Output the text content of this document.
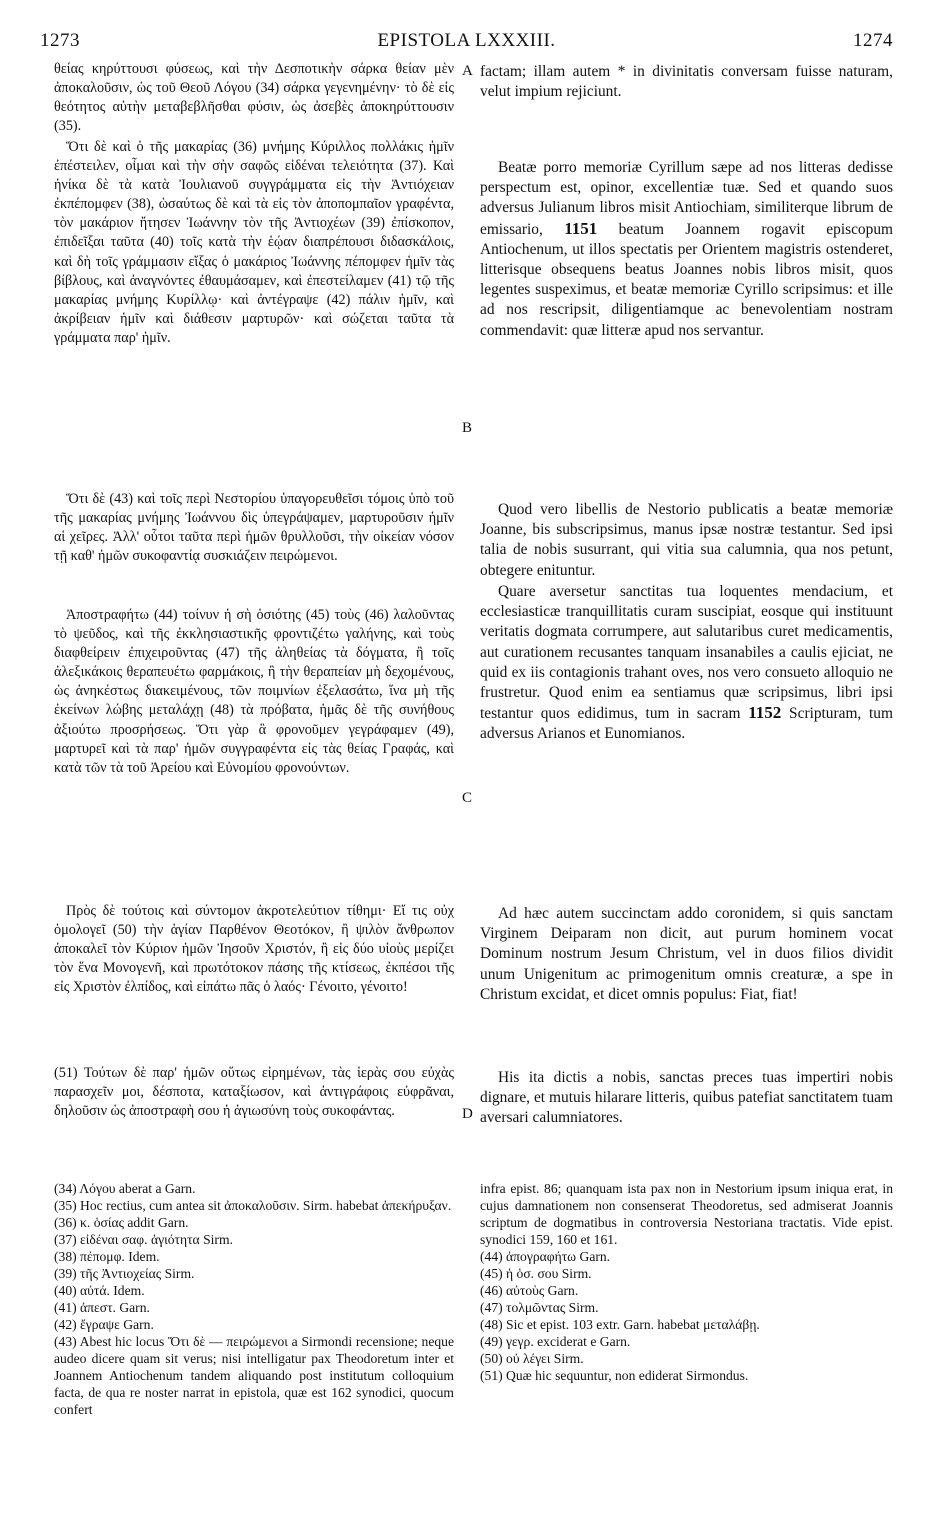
1273	EPISTOLA LXXXIII.	1274

θείας κηρύττουσι φύσεως, καὶ τὴν Δεσποτικὴν σάρκα θείαν μὲν ἀποκαλοῦσιν, ὡς τοῦ Θεοῦ Λόγου (34) σάρκα γεγενημένην· τὸ δὲ εἰς θεότητος αὐτὴν μεταβεβλῆσθαι φύσιν, ὡς ἀσεβὲς ἀποκηρύττουσιν (35).

Ὅτι δὲ καὶ ὁ τῆς μακαρίας (36) μνήμης Κύριλλος πολλάκις ἡμῖν ἐπέστειλεν, οἶμαι καὶ τὴν σὴν σαφῶς εἰδέναι τελειότητα (37). Καὶ ἡνίκα δὲ τὰ κατὰ Ἰουλιανοῦ συγγράμματα εἰς τὴν Ἀντιόχειαν ἐκπέπομφεν (38), ὡσαύτως δὲ καὶ τὰ εἰς τὸν ἀποπομπαῖον γραφέντα, τὸν μακάριον ἤτησεν Ἰωάννην τὸν τῆς Ἀντιοχέων (39) ἐπίσκοπον, ἐπιδεῖξαι ταῦτα (40) τοῖς κατὰ τὴν ἑῴαν διαπρέπουσι διδασκάλοις, καὶ δὴ τοῖς γράμμασιν εἴξας ὁ μακάριος Ἰωάννης πέπομφεν ἡμῖν τὰς βίβλους, καὶ ἀναγνόντες ἐθαυμάσαμεν, καὶ ἐπεστείλαμεν (41) τῷ τῆς μακαρίας μνήμης Κυρίλλῳ· καὶ ἀντέγραψε (42) πάλιν ἡμῖν, καὶ ἀκρίβειαν ἡμῖν καὶ διάθεσιν μαρτυρῶν· καὶ σώζεται ταῦτα τὰ γράμματα παρ' ἡμῖν.

Ὅτι δὲ (43) καὶ τοῖς περὶ Νεστορίου ὑπαγορευθεῖσι τόμοις ὑπὸ τοῦ τῆς μακαρίας μνήμης Ἰωάννου δὶς ὑπεγράψαμεν, μαρτυροῦσιν ἡμῖν αἱ χεῖρες. Ἀλλ' οὗτοι ταῦτα περὶ ἡμῶν θρυλλοῦσι, τὴν οἰκείαν νόσον τῇ καθ' ἡμῶν συκοφαντίᾳ συσκιάζειν πειρώμενοι.

Ἀποστραφήτω (44) τοίνυν ἡ σὴ ὁσιότης (45) τοὺς (46) λαλοῦντας τὸ ψεῦδος, καὶ τῆς ἐκκλησιαστικῆς φροντιζέτω γαλήνης, καὶ τοὺς διαφθείρειν ἐπιχειροῦντας (47) τῆς ἀληθείας τὰ δόγματα, ἢ τοῖς ἀλεξικάκοις θεραπευέτω φαρμάκοις, ἢ τὴν θεραπείαν μὴ δεχομένους, ὡς ἀνηκέστως διακειμένους, τῶν ποιμνίων ἐξελασάτω, ἵνα μὴ τῆς ἐκείνων λώβης μεταλάχῃ (48) τὰ πρόβατα, ἡμᾶς δὲ τῆς συνήθους ἀξιούτω προσρήσεως. Ὅτι γὰρ ἃ φρονοῦμεν γεγράφαμεν (49), μαρτυρεῖ καὶ τὰ παρ' ἡμῶν συγγραφέντα εἰς τὰς θείας Γραφάς, καὶ κατὰ τῶν τὰ τοῦ Ἀρείου καὶ Εὐνομίου φρονούντων.

Πρὸς δὲ τούτοις καὶ σύντομον ἀκροτελεύτιον τίθημι· Εἴ τις οὐχ ὁμολογεῖ (50) τὴν ἁγίαν Παρθένον Θεοτόκον, ἢ ψιλὸν ἄνθρωπον ἀποκαλεῖ τὸν Κύριον ἡμῶν Ἰησοῦν Χριστόν, ἢ εἰς δύο υἱοὺς μερίζει τὸν ἕνα Μονογενῆ, καὶ πρωτότοκον πάσης τῆς κτίσεως, ἐκπέσοι τῆς εἰς Χριστὸν ἐλπίδος, καὶ εἰπάτω πᾶς ὁ λαός· Γένοιτο, γένοιτο!

(51) Τούτων δὲ παρ' ἡμῶν οὕτως εἰρημένων, τὰς ἱερὰς σου εὐχὰς παρασχεῖν μοι, δέσποτα, καταξίωσον, καὶ ἀντιγράφοις εὐφρᾶναι, δηλοῦσιν ὡς ἀποστραφὴ σου ἡ ἁγιωσύνη τοὺς συκοφάντας.

A
B
C
D

factam; illam autem * in divinitatis conversam fuisse naturam, velut impium rejiciunt.

Beatæ porro memoriæ Cyrillum sæpe ad nos litteras dedisse perspectum est, opinor, excellentiæ tuæ. Sed et quando suos adversus Julianum libros misit Antiochiam, similiterque librum de emissario, 1151 beatum Joannem rogavit episcopum Antiochenum, ut illos spectatis per Orientem magistris ostenderet, litterisque obsequens beatus Joannes nobis libros misit, quos legentes suspeximus, et beatæ memoriæ Cyrillo scripsimus: et ille ad nos rescripsit, diligentiamque ac benevolentiam nostram commendavit: quæ litteræ apud nos servantur.

Quod vero libellis de Nestorio publicatis a beatæ memoriæ Joanne, bis subscripsimus, manus ipsæ nostræ testantur. Sed ipsi talia de nobis susurrant, qui vitia sua calumnia, qua nos petunt, obtegere enituntur.

Quare aversetur sanctitas tua loquentes mendacium, et ecclesiasticæ tranquillitatis curam suscipiat, eosque qui instituunt veritatis dogmata corrumpere, aut salutaribus curet medicamentis, aut curationem recusantes tanquam insanabiles a caulis ejiciat, ne quid ex iis contagionis trahant oves, nos vero consueto alloquio ne frustretur. Quod enim ea sentiamus quæ scripsimus, libri ipsi testantur quos edidimus, tum in sacram 1152 Scripturam, tum adversus Arianos et Eunomianos.

Ad hæc autem succinctam addo coronidem, si quis sanctam Virginem Deiparam non dicit, aut purum hominem vocat Dominum nostrum Jesum Christum, vel in duos filios dividit unum Unigenitum ac primogenitum omnis creaturæ, a spe in Christum excidat, et dicet omnis populus: Fiat, fiat!

His ita dictis a nobis, sanctas preces tuas impertiri nobis dignare, et mutuis hilarare litteris, quibus patefiat sanctitatem tuam aversari calumniatores.

(34) Λόγου aberat a Garn.

(35) Hoc rectius, cum antea sit ἀποκαλοῦσιν. Sirm. habebat ἀπεκήρυξαν.

(36) κ. ὁσίας addit Garn.

(37) εἰδέναι σαφ. ἁγιότητα Sirm.

(38) πέπομφ. Idem.

(39) τῆς Ἀντιοχείας Sirm.

(40) αὐτά. Idem.

(41) ἀπεστ. Garn.

(42) ἔγραψε Garn.

(43) Abest hic locus Ὅτι δὲ — πειρώμενοι a Sirmondi recensione; neque audeo dicere quam sit verus; nisi intelligatur pax Theodoretum inter et Joannem Antiochenum tandem aliquando post institutum colloquium facta, de qua re noster narrat in epistola, quæ est 162 synodici, quocum confert

infra epist. 86; quanquam ista pax non in Nestorium ipsum iniqua erat, in cujus damnationem non consenserat Theodoretus, sed admiserat Joannis scriptum de dogmatibus in controversia Nestoriana tractatis. Vide epist. synodici 159, 160 et 161.

(44) ἀπογραφήτω Garn.

(45) ἡ ὁσ. σου Sirm.

(46) αὐτοὺς Garn.

(47) τολμῶντας Sirm.

(48) Sic et epist. 103 extr. Garn. habebat μεταλάβῃ.

(49) γεγρ. exciderat e Garn.

(50) οὐ λέγει Sirm.

(51) Quæ hic sequuntur, non ediderat Sirmondus.
